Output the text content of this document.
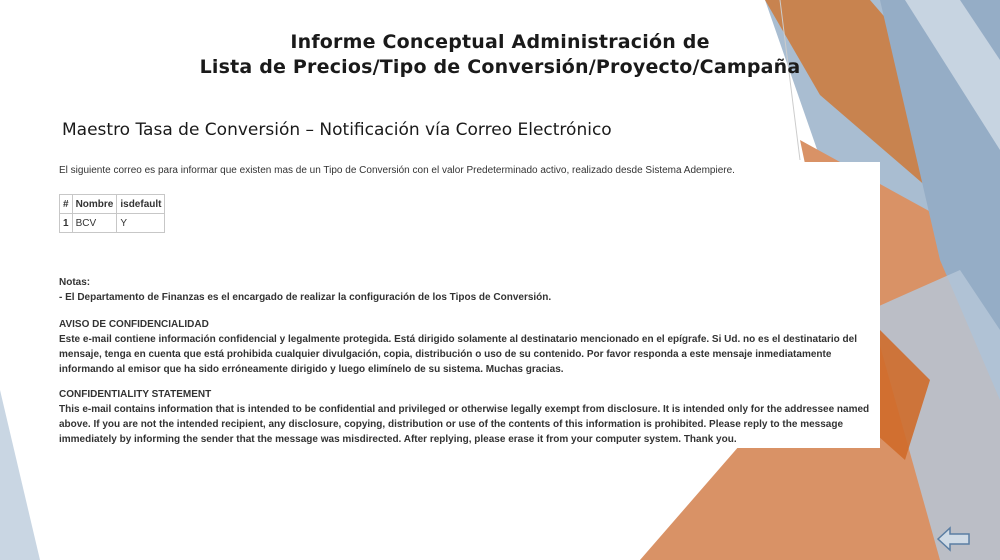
Informe Conceptual Administración de
Lista de Precios/Tipo de Conversión/Proyecto/Campaña
Maestro Tasa de Conversión – Notificación vía Correo Electrónico
El siguiente correo es para informar que existen mas de un Tipo de Conversión con el valor Predeterminado activo, realizado desde Sistema Adempiere.
#	Nombre	isdefault
1	BCV	Y
Notas:
- El Departamento de Finanzas es el encargado de realizar la configuración de los Tipos de Conversión.
AVISO DE CONFIDENCIALIDAD
Este e-mail contiene información confidencial y legalmente protegida. Está dirigido solamente al destinatario mencionado en el epígrafe. Si Ud. no es el destinatario del mensaje, tenga en cuenta que está prohibida cualquier divulgación, copia, distribución o uso de su contenido. Por favor responda a este mensaje inmediatamente informando al emisor que ha sido erróneamente dirigido y luego elimínelo de su sistema. Muchas gracias.
CONFIDENTIALITY STATEMENT
This e-mail contains information that is intended to be confidential and privileged or otherwise legally exempt from disclosure. It is intended only for the addressee named above. If you are not the intended recipient, any disclosure, copying, distribution or use of the contents of this information is prohibited. Please reply to the message immediately by informing the sender that the message was misdirected. After replying, please erase it from your computer system. Thank you.
